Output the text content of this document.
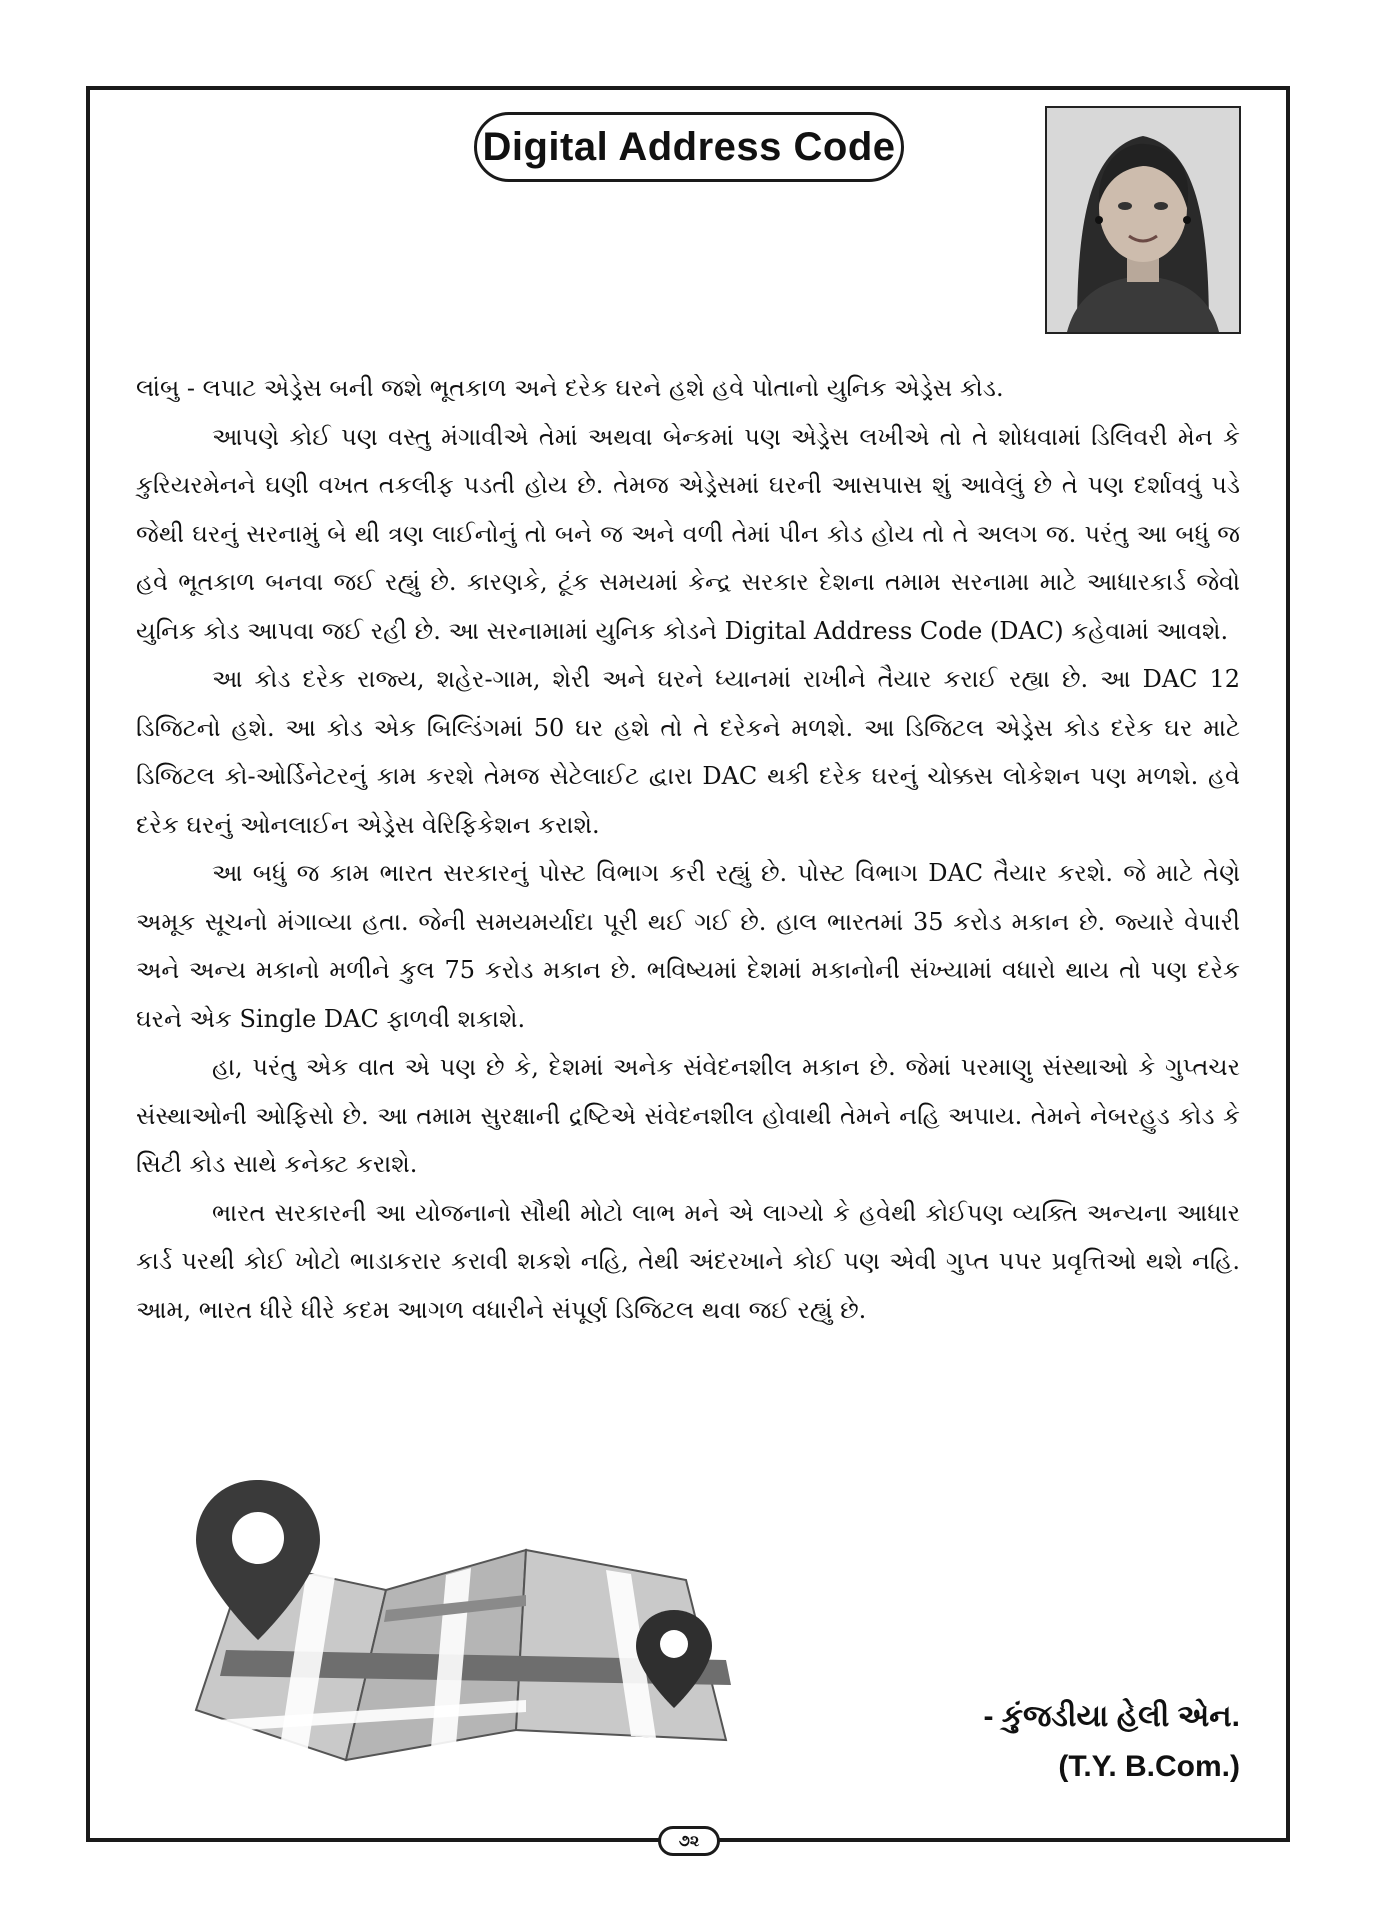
Digital Address Code

લાંબુ - લપાટ એડ્રેસ બની જશે ભૂતકાળ અને દરેક ઘરને હશે હવે પોતાનો યુનિક એડ્રેસ કોડ.

આપણે કોઈ પણ વસ્તુ મંગાવીએ તેમાં અથવા બેન્કમાં પણ એડ્રેસ લખીએ તો તે શોધવામાં ડિલિવરી મેન કે કુરિયરમેનને ઘણી વખત તકલીફ પડતી હોય છે. તેમજ એડ્રેસમાં ઘરની આસપાસ શું આવેલું છે તે પણ દર્શાવવું પડે જેથી ઘરનું સરનામું બે થી ત્રણ લાઈનોનું તો બને જ અને વળી તેમાં પીન કોડ હોય તો તે અલગ જ. પરંતુ આ બધું જ હવે ભૂતકાળ બનવા જઈ રહ્યું છે. કારણકે, ટૂંક સમયમાં કેન્દ્ર સરકાર દેશના તમામ સરનામા માટે આધારકાર્ડ જેવો યુનિક કોડ આપવા જઈ રહી છે. આ સરનામામાં યુનિક કોડને Digital Address Code (DAC) કહેવામાં આવશે.

આ કોડ દરેક રાજ્ય, શહેર-ગામ, શેરી અને ઘરને ધ્યાનમાં રાખીને તૈયાર કરાઈ રહ્યા છે. આ DAC 12 ડિજિટનો હશે. આ કોડ એક બિલ્ડિંગમાં 50 ઘર હશે તો તે દરેકને મળશે. આ ડિજિટલ એડ્રેસ કોડ દરેક ઘર માટે ડિજિટલ કો-ઓર્ડિનેટરનું કામ કરશે તેમજ સેટેલાઈટ દ્વારા DAC થકી દરેક ઘરનું ચોક્કસ લોકેશન પણ મળશે. હવે દરેક ઘરનું ઓનલાઈન એડ્રેસ વેરિફિકેશન કરાશે.

આ બધું જ કામ ભારત સરકારનું પોસ્ટ વિભાગ કરી રહ્યું છે. પોસ્ટ વિભાગ DAC તૈયાર કરશે. જે માટે તેણે અમૂક સૂચનો મંગાવ્યા હતા. જેની સમયમર્યાદા પૂરી થઈ ગઈ છે. હાલ ભારતમાં 35 કરોડ મકાન છે. જ્યારે વેપારી અને અન્ય મકાનો મળીને કુલ 75 કરોડ મકાન છે. ભવિષ્યમાં દેશમાં મકાનોની સંખ્યામાં વધારો થાય તો પણ દરેક ઘરને એક Single DAC ફાળવી શકાશે.

હા, પરંતુ એક વાત એ પણ છે કે, દેશમાં અનેક સંવેદનશીલ મકાન છે. જેમાં પરમાણુ સંસ્થાઓ કે ગુપ્તચર સંસ્થાઓની ઓફિસો છે. આ તમામ સુરક્ષાની દ્રષ્ટિએ સંવેદનશીલ હોવાથી તેમને નહિ અપાય. તેમને નેબરહુડ કોડ કે સિટી કોડ સાથે કનેક્ટ કરાશે.

ભારત સરકારની આ યોજનાનો સૌથી મોટો લાભ મને એ લાગ્યો કે હવેથી કોઈપણ વ્યક્તિ અન્યના આધાર કાર્ડ પરથી કોઈ ખોટો ભાડાકરાર કરાવી શકશે નહિ, તેથી અંદરખાને કોઈ પણ એવી ગુપ્ત પપર પ્રવૃત્તિઓ થશે નહિ. આમ, ભારત ધીરે ધીરે કદમ આગળ વધારીને સંપૂર્ણ ડિજિટલ થવા જઈ રહ્યું છે.

- કુંજડીયા હેલી એન.
(T.Y. B.Com.)
૭૨
